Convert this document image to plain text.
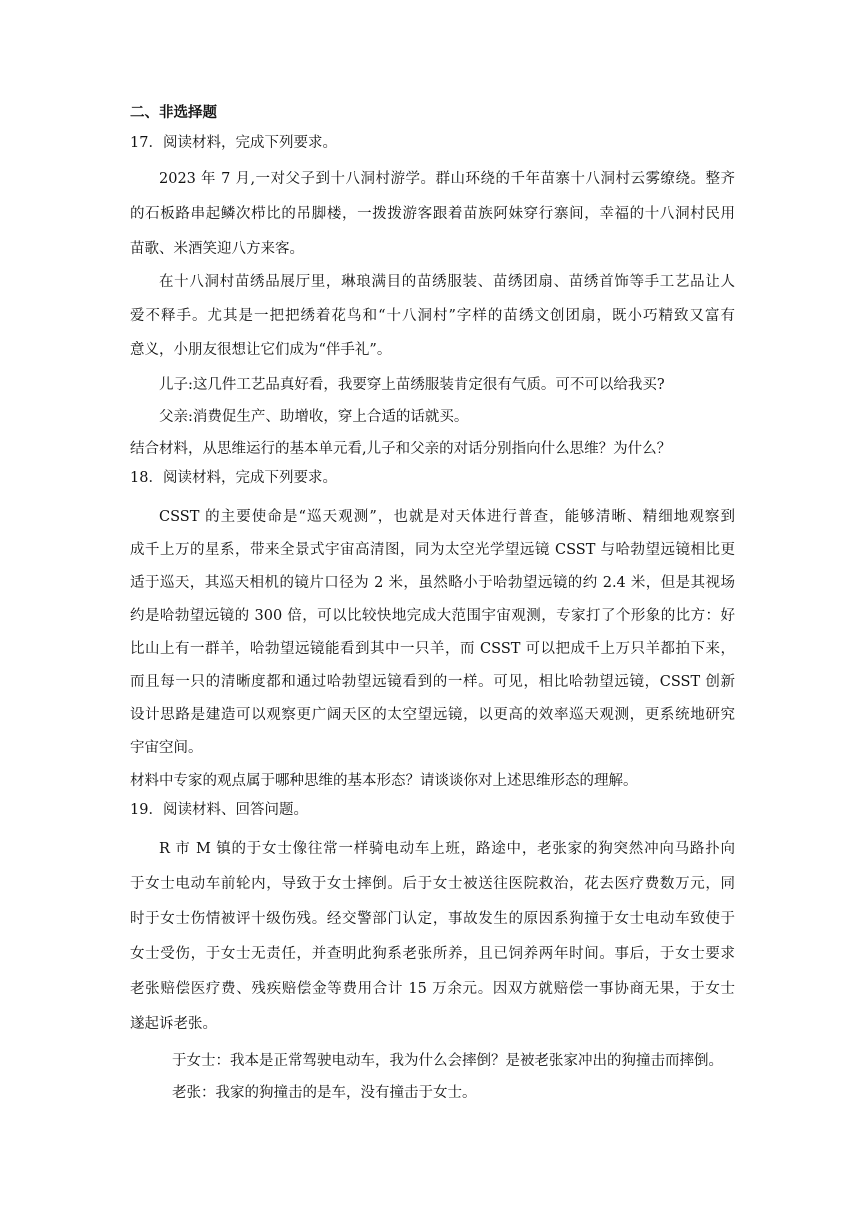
二、非选择题
17．阅读材料，完成下列要求。
2023 年 7 月,一对父子到十八洞村游学。群山环绕的千年苗寨十八洞村云雾缭绕。整齐
的石板路串起鳞次栉比的吊脚楼，一拨拨游客跟着苗族阿妹穿行寨间，幸福的十八洞村民用
苗歌、米酒笑迎八方来客。
在十八洞村苗绣品展厅里，琳琅满目的苗绣服装、苗绣团扇、苗绣首饰等手工艺品让人
爱不释手。尤其是一把把绣着花鸟和“十八洞村”字样的苗绣文创团扇，既小巧精致又富有
意义，小朋友很想让它们成为“伴手礼”。
儿子:这几件工艺品真好看，我要穿上苗绣服装肯定很有气质。可不可以给我买?
父亲:消费促生产、助增收，穿上合适的话就买。
结合材料，从思维运行的基本单元看,儿子和父亲的对话分别指向什么思维？为什么？
18．阅读材料，完成下列要求。
CSST 的主要使命是“巡天观测”，也就是对天体进行普查，能够清晰、精细地观察到
成千上万的星系，带来全景式宇宙高清图，同为太空光学望远镜 CSST 与哈勃望远镜相比更
适于巡天，其巡天相机的镜片口径为 2 米，虽然略小于哈勃望远镜的约 2.4 米，但是其视场
约是哈勃望远镜的 300 倍，可以比较快地完成大范围宇宙观测，专家打了个形象的比方：好
比山上有一群羊，哈勃望远镜能看到其中一只羊，而 CSST 可以把成千上万只羊都拍下来，
而且每一只的清晰度都和通过哈勃望远镜看到的一样。可见，相比哈勃望远镜，CSST 创新
设计思路是建造可以观察更广阔天区的太空望远镜，以更高的效率巡天观测，更系统地研究
宇宙空间。
材料中专家的观点属于哪种思维的基本形态？请谈谈你对上述思维形态的理解。
19．阅读材料、回答问题。
R 市 M 镇的于女士像往常一样骑电动车上班，路途中，老张家的狗突然冲向马路扑向
于女士电动车前轮内，导致于女士摔倒。后于女士被送往医院救治，花去医疗费数万元，同
时于女士伤情被评十级伤残。经交警部门认定，事故发生的原因系狗撞于女士电动车致使于
女士受伤，于女士无责任，并查明此狗系老张所养，且已饲养两年时间。事后，于女士要求
老张赔偿医疗费、残疾赔偿金等费用合计 15 万余元。因双方就赔偿一事协商无果，于女士
遂起诉老张。
于女士：我本是正常驾驶电动车，我为什么会摔倒？是被老张家冲出的狗撞击而摔倒。
老张：我家的狗撞击的是车，没有撞击于女士。
